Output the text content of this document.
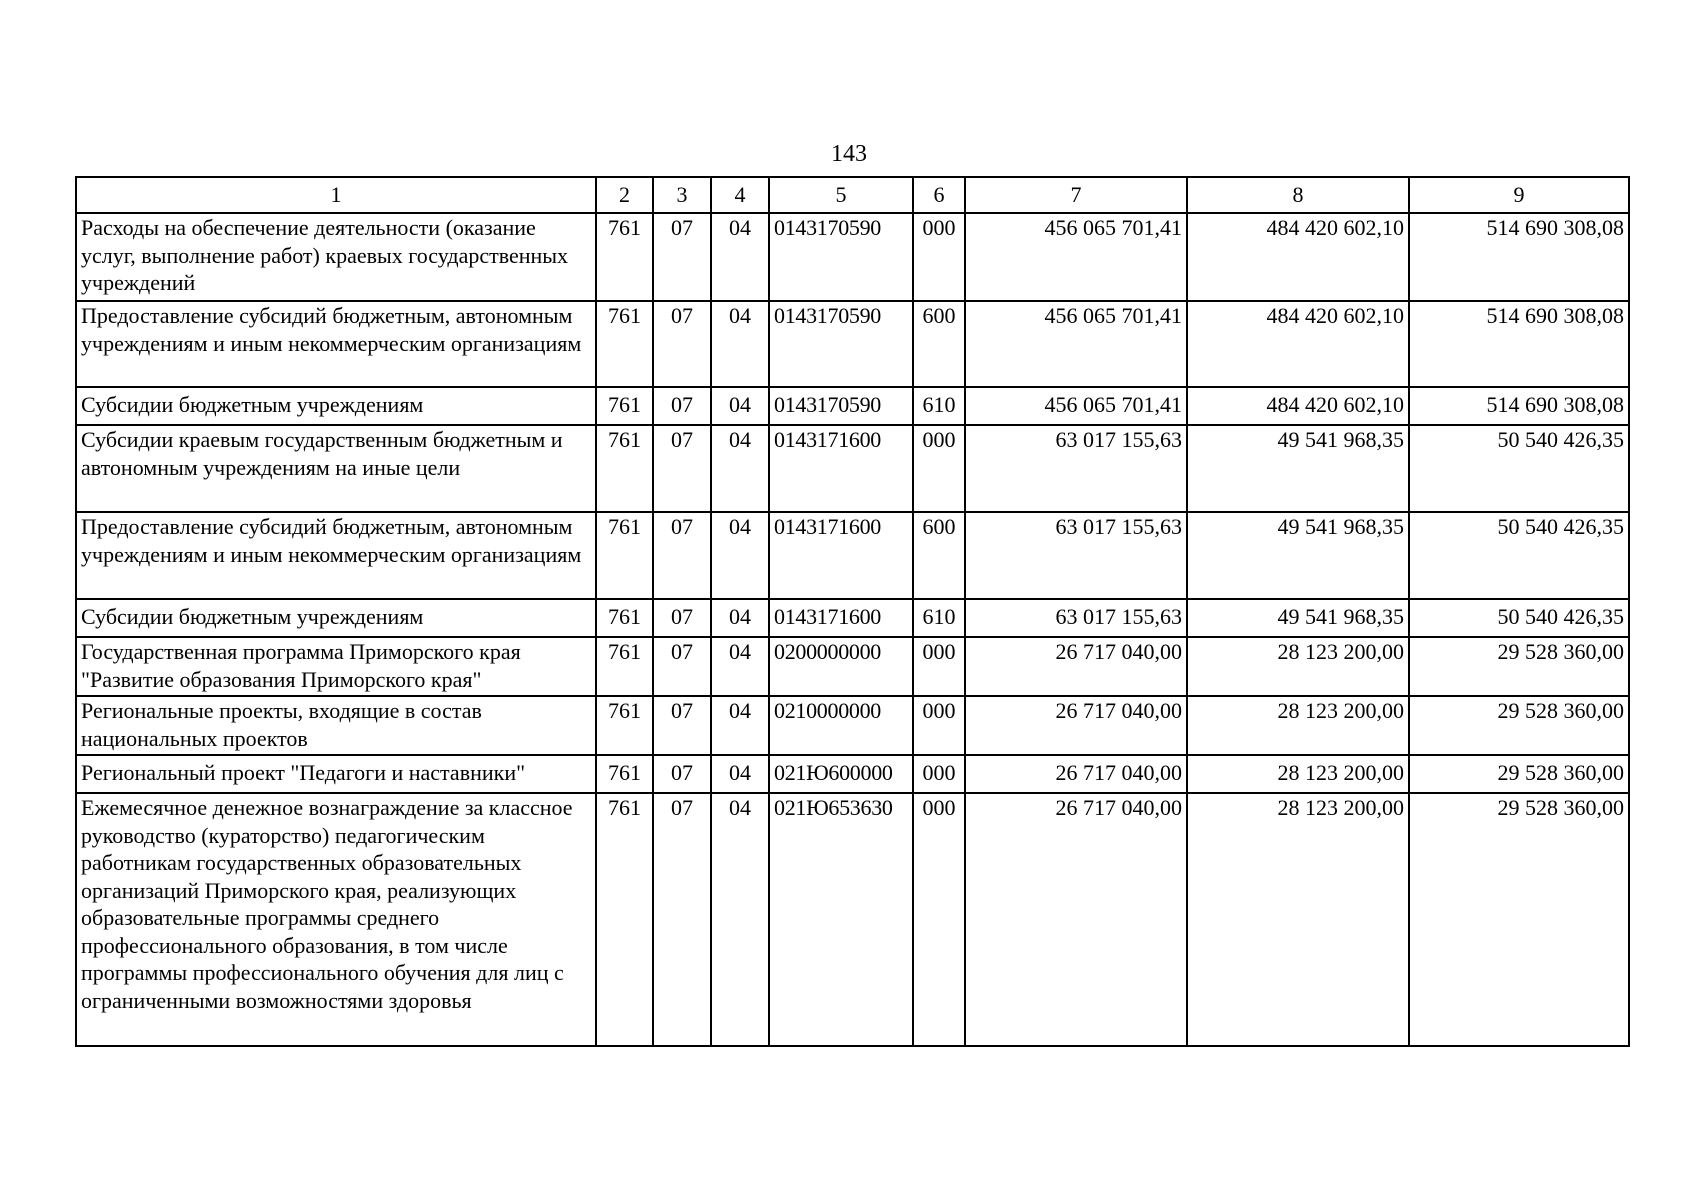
143
1	2	3	4	5	6	7	8	9
Расходы на обеспечение деятельности (оказание услуг, выполнение работ) краевых государственных учреждений	761	07	04	0143170590	000	456 065 701,41	484 420 602,10	514 690 308,08
Предоставление субсидий бюджетным, автономным учреждениям и иным некоммерческим организациям	761	07	04	0143170590	600	456 065 701,41	484 420 602,10	514 690 308,08
Субсидии бюджетным учреждениям	761	07	04	0143170590	610	456 065 701,41	484 420 602,10	514 690 308,08
Субсидии краевым государственным бюджетным и автономным учреждениям на иные цели	761	07	04	0143171600	000	63 017 155,63	49 541 968,35	50 540 426,35
Предоставление субсидий бюджетным, автономным учреждениям и иным некоммерческим организациям	761	07	04	0143171600	600	63 017 155,63	49 541 968,35	50 540 426,35
Субсидии бюджетным учреждениям	761	07	04	0143171600	610	63 017 155,63	49 541 968,35	50 540 426,35
Государственная программа Приморского края "Развитие образования Приморского края"	761	07	04	0200000000	000	26 717 040,00	28 123 200,00	29 528 360,00
Региональные проекты, входящие в состав национальных проектов	761	07	04	0210000000	000	26 717 040,00	28 123 200,00	29 528 360,00
Региональный проект "Педагоги и наставники"	761	07	04	021Ю600000	000	26 717 040,00	28 123 200,00	29 528 360,00
Ежемесячное денежное вознаграждение за классное руководство (кураторство) педагогическим работникам государственных образовательных организаций Приморского края, реализующих образовательные программы среднего профессионального образования, в том числе программы профессионального обучения для лиц с ограниченными возможностями здоровья	761	07	04	021Ю653630	000	26 717 040,00	28 123 200,00	29 528 360,00
